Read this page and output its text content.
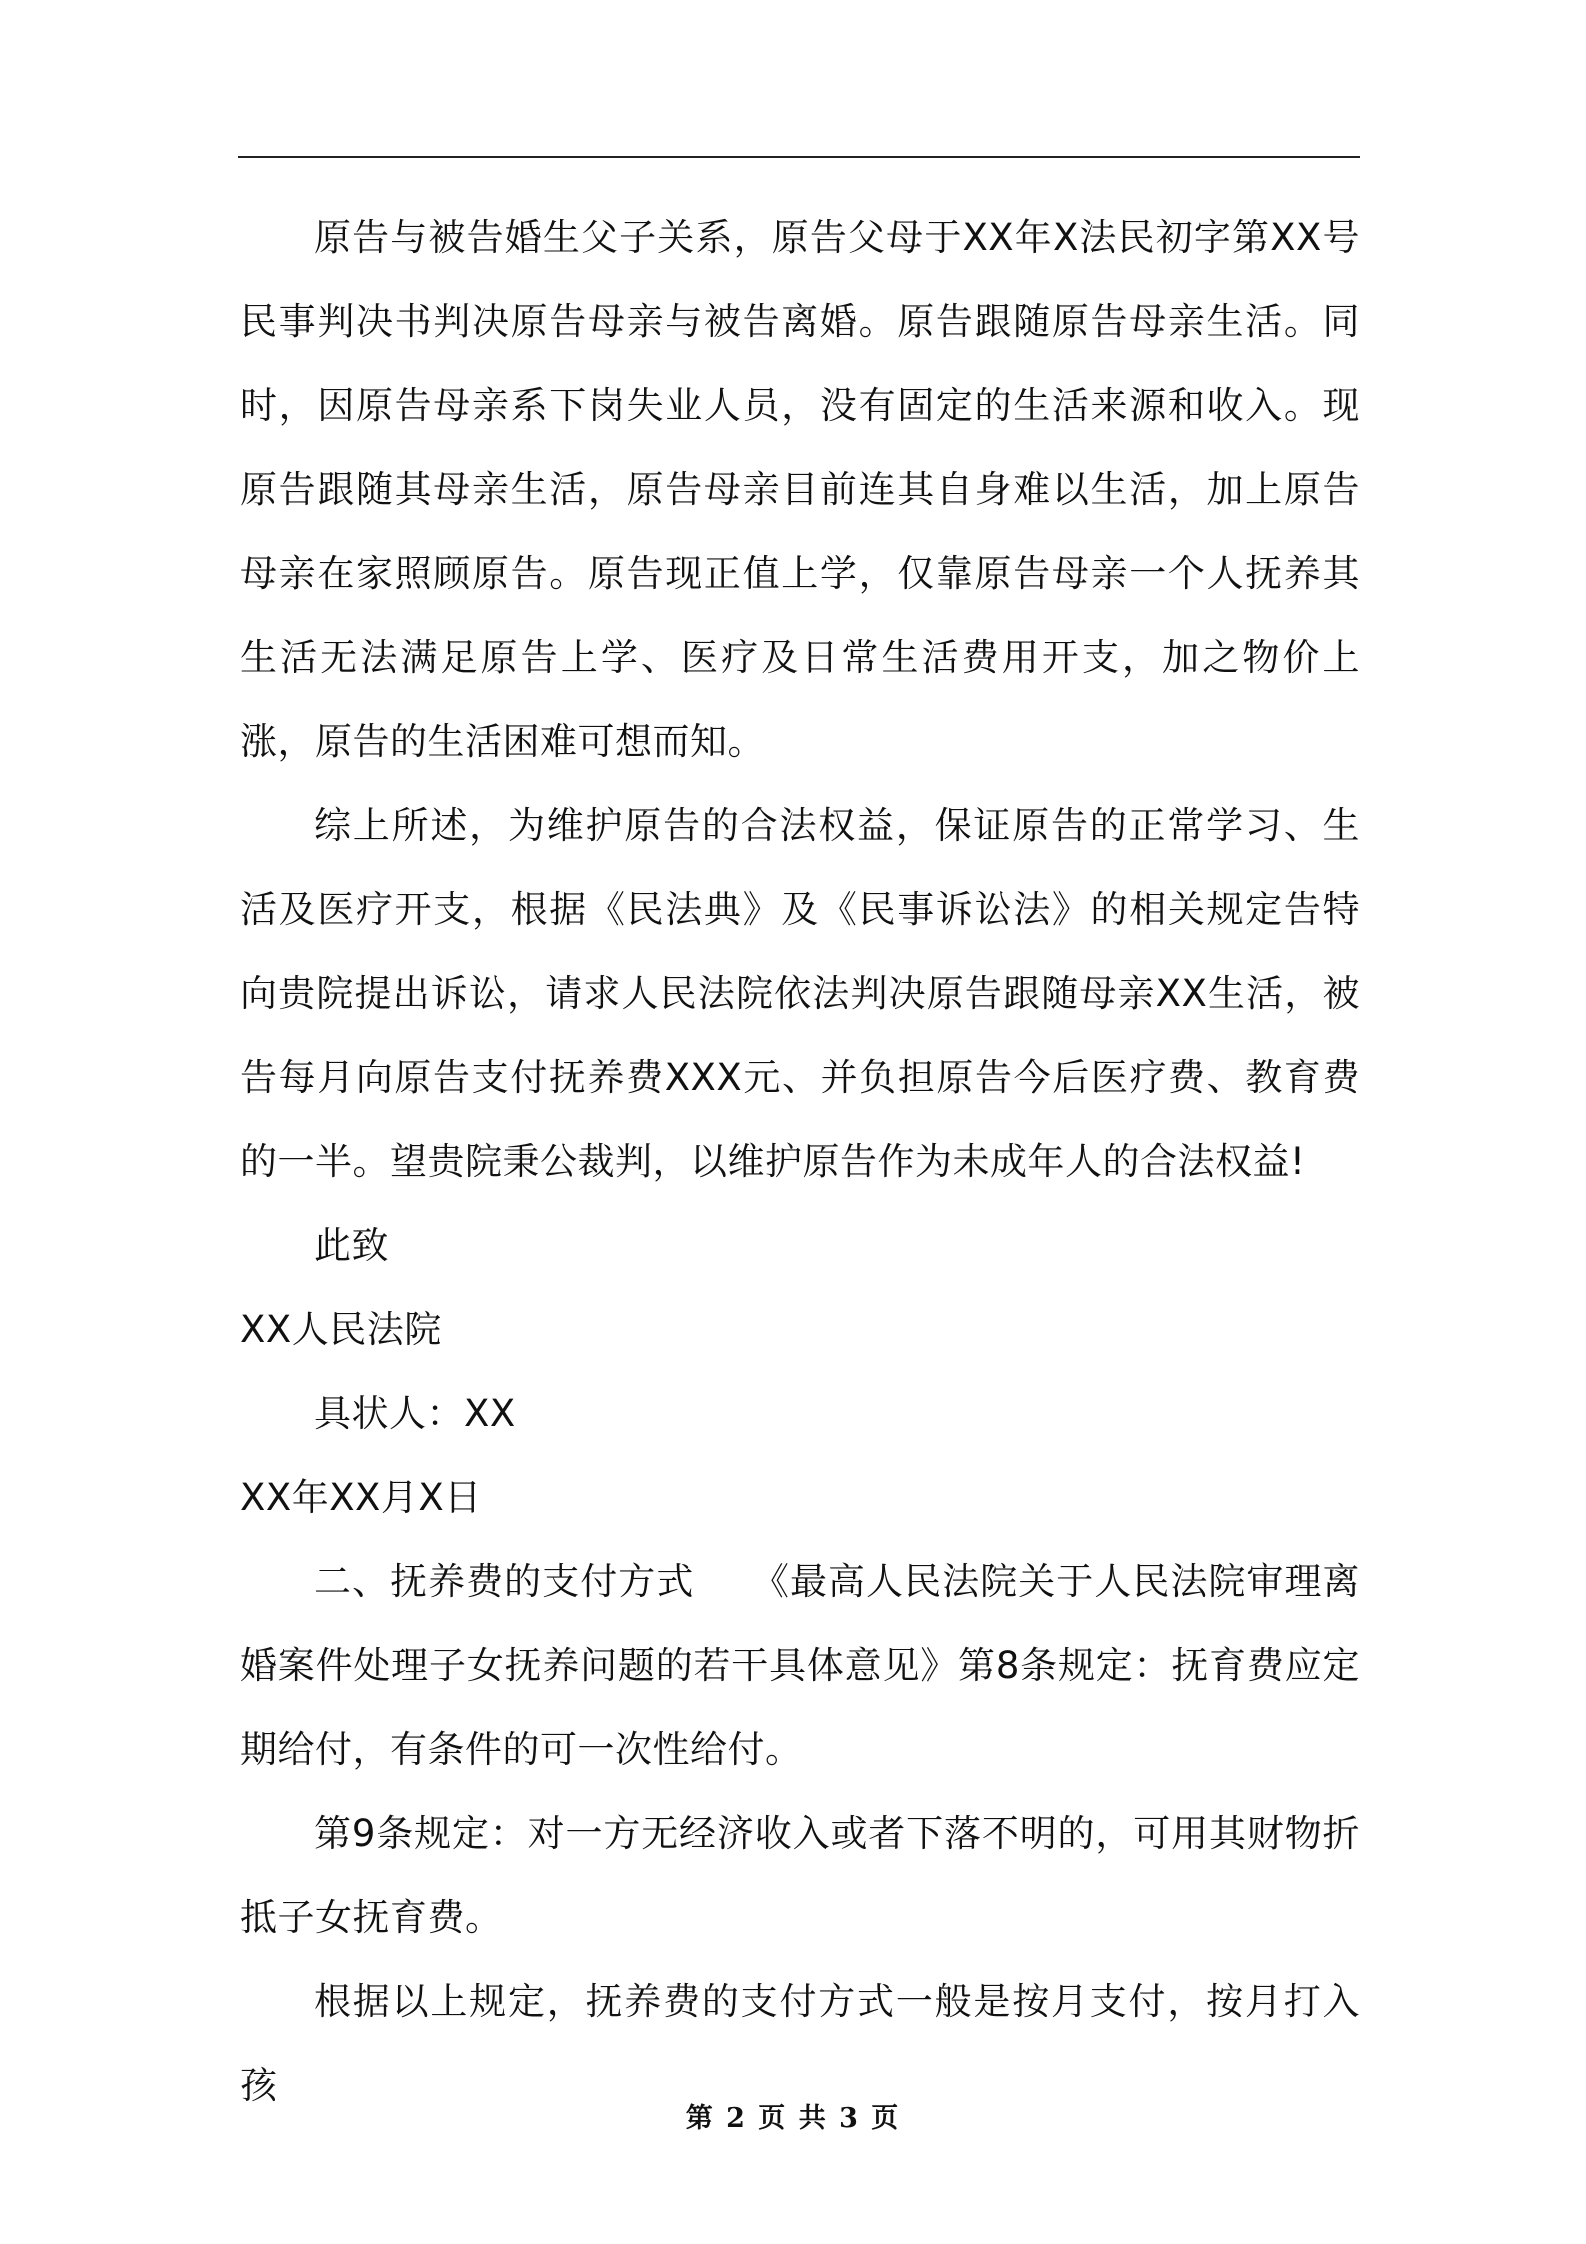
原告与被告婚生父子关系，原告父母于XX年X法民初字第XX号民事判决书判决原告母亲与被告离婚。原告跟随原告母亲生活。同时，因原告母亲系下岗失业人员，没有固定的生活来源和收入。现原告跟随其母亲生活，原告母亲目前连其自身难以生活，加上原告母亲在家照顾原告。原告现正值上学，仅靠原告母亲一个人抚养其生活无法满足原告上学、医疗及日常生活费用开支，加之物价上涨，原告的生活困难可想而知。

综上所述，为维护原告的合法权益，保证原告的正常学习、生活及医疗开支，根据《民法典》及《民事诉讼法》的相关规定告特向贵院提出诉讼，请求人民法院依法判决原告跟随母亲XX生活，被告每月向原告支付抚养费XXX元、并负担原告今后医疗费、教育费的一半。望贵院秉公裁判，以维护原告作为未成年人的合法权益!

此致

XX人民法院

具状人：XX

XX年XX月X日

二、抚养费的支付方式　　《最高人民法院关于人民法院审理离婚案件处理子女抚养问题的若干具体意见》第8条规定：抚育费应定期给付，有条件的可一次性给付。

第9条规定：对一方无经济收入或者下落不明的，可用其财物折抵子女抚育费。

根据以上规定，抚养费的支付方式一般是按月支付，按月打入孩

第 2 页 共 3 页
